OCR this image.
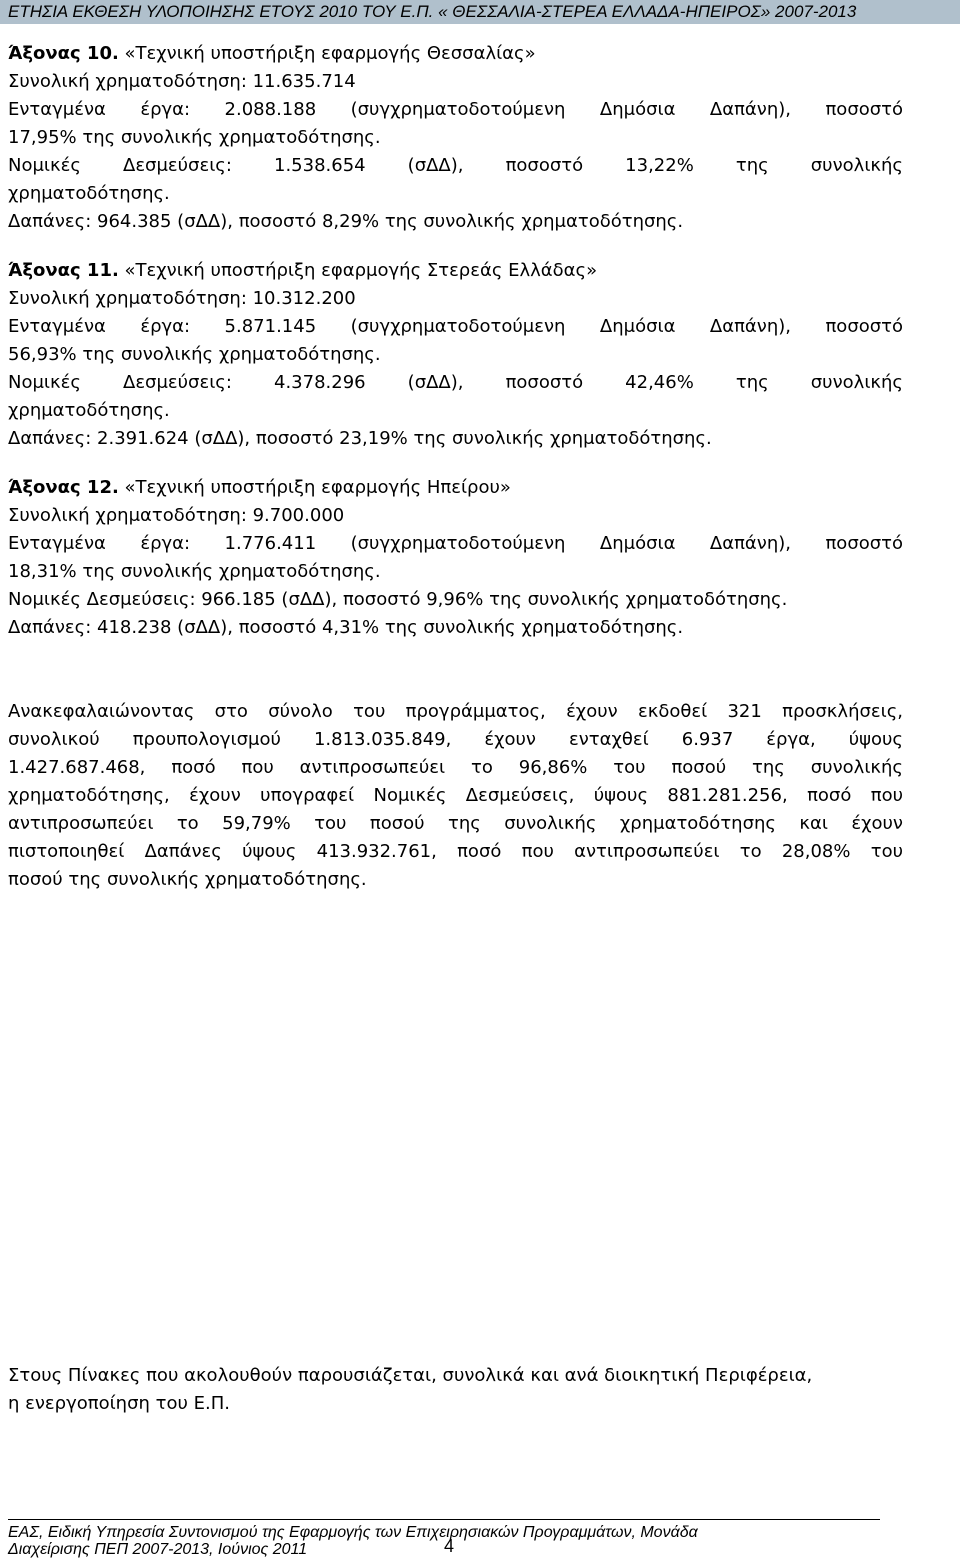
ΕΤΗΣΙΑ ΕΚΘΕΣΗ ΥΛΟΠΟΙΗΣΗΣ ΕΤΟΥΣ 2010 ΤΟΥ Ε.Π. « ΘΕΣΣΑΛΙΑ-ΣΤΕΡΕΑ ΕΛΛΑΔΑ-ΗΠΕΙΡΟΣ» 2007-2013
Άξονας 10. «Τεχνική υποστήριξη εφαρμογής Θεσσαλίας»
Συνολική χρηματοδότηση: 11.635.714
Ενταγμένα έργα: 2.088.188 (συγχρηματοδοτούμενη Δημόσια Δαπάνη), ποσοστό
17,95% της συνολικής χρηματοδότησης.
Νομικές Δεσμεύσεις: 1.538.654 (σΔΔ), ποσοστό 13,22% της συνολικής
χρηματοδότησης.
Δαπάνες: 964.385 (σΔΔ), ποσοστό 8,29% της συνολικής χρηματοδότησης.
Άξονας 11. «Τεχνική υποστήριξη εφαρμογής Στερεάς Ελλάδας»
Συνολική χρηματοδότηση: 10.312.200
Ενταγμένα έργα: 5.871.145 (συγχρηματοδοτούμενη Δημόσια Δαπάνη), ποσοστό
56,93% της συνολικής χρηματοδότησης.
Νομικές Δεσμεύσεις: 4.378.296 (σΔΔ), ποσοστό 42,46% της συνολικής
χρηματοδότησης.
Δαπάνες: 2.391.624 (σΔΔ), ποσοστό 23,19% της συνολικής χρηματοδότησης.
Άξονας 12. «Τεχνική υποστήριξη εφαρμογής Ηπείρου»
Συνολική χρηματοδότηση: 9.700.000
Ενταγμένα έργα: 1.776.411 (συγχρηματοδοτούμενη Δημόσια Δαπάνη), ποσοστό
18,31% της συνολικής χρηματοδότησης.
Νομικές Δεσμεύσεις: 966.185 (σΔΔ), ποσοστό 9,96% της συνολικής χρηματοδότησης.
Δαπάνες: 418.238 (σΔΔ), ποσοστό 4,31% της συνολικής χρηματοδότησης.
Ανακεφαλαιώνοντας στο σύνολο του προγράμματος, έχουν εκδοθεί 321 προσκλήσεις,
συνολικού προυπολογισμού 1.813.035.849, έχουν ενταχθεί 6.937 έργα, ύψους
1.427.687.468, ποσό που αντιπροσωπεύει το 96,86% του ποσού της συνολικής
χρηματοδότησης, έχουν υπογραφεί Νομικές Δεσμεύσεις, ύψους 881.281.256, ποσό που
αντιπροσωπεύει το 59,79% του ποσού της συνολικής χρηματοδότησης και έχουν
πιστοποιηθεί Δαπάνες ύψους 413.932.761, ποσό που αντιπροσωπεύει το 28,08% του
ποσού της συνολικής χρηματοδότησης.
Στους Πίνακες που ακολουθούν παρουσιάζεται, συνολικά και ανά διοικητική Περιφέρεια,
η ενεργοποίηση του Ε.Π.
ΕΑΣ, Ειδική Υπηρεσία Συντονισμού της Εφαρμογής των Επιχειρησιακών Προγραμμάτων, Μονάδα
Διαχείρισης ΠΕΠ 2007-2013, Ιούνιος 2011	4
